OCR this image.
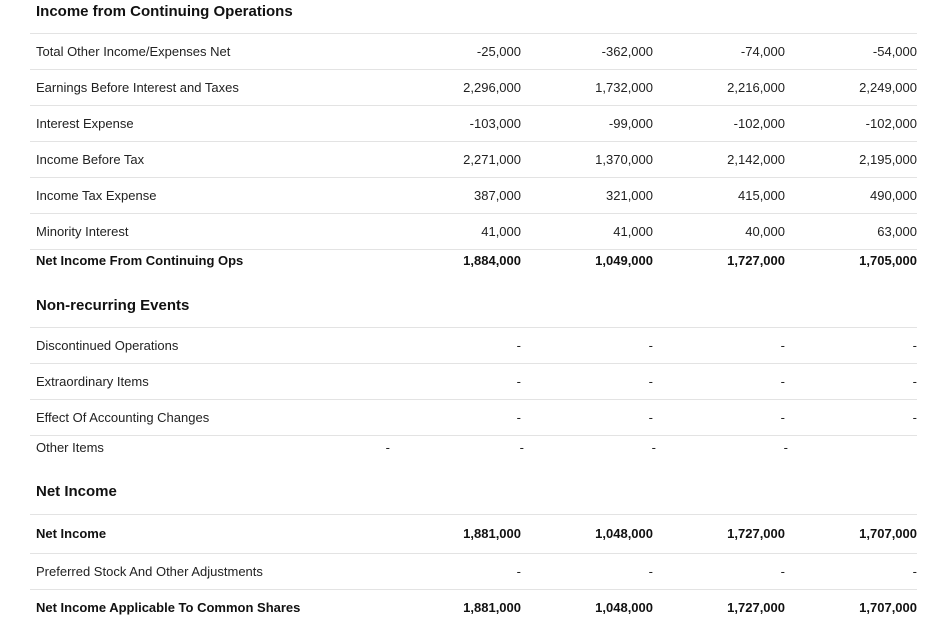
Income from Continuing Operations
Total Other Income/Expenses Net	-25,000	-362,000	-74,000	-54,000
Earnings Before Interest and Taxes	2,296,000	1,732,000	2,216,000	2,249,000
Interest Expense	-103,000	-99,000	-102,000	-102,000
Income Before Tax	2,271,000	1,370,000	2,142,000	2,195,000
Income Tax Expense	387,000	321,000	415,000	490,000
Minority Interest	41,000	41,000	40,000	63,000
Net Income From Continuing Ops	1,884,000	1,049,000	1,727,000	1,705,000
Non-recurring Events
Discontinued Operations	-	-	-	-
Extraordinary Items	-	-	-	-
Effect Of Accounting Changes	-	-	-	-
Other Items	-	-	-	-
Net Income
Net Income	1,881,000	1,048,000	1,727,000	1,707,000
Preferred Stock And Other Adjustments	-	-	-	-
Net Income Applicable To Common Shares	1,881,000	1,048,000	1,727,000	1,707,000
